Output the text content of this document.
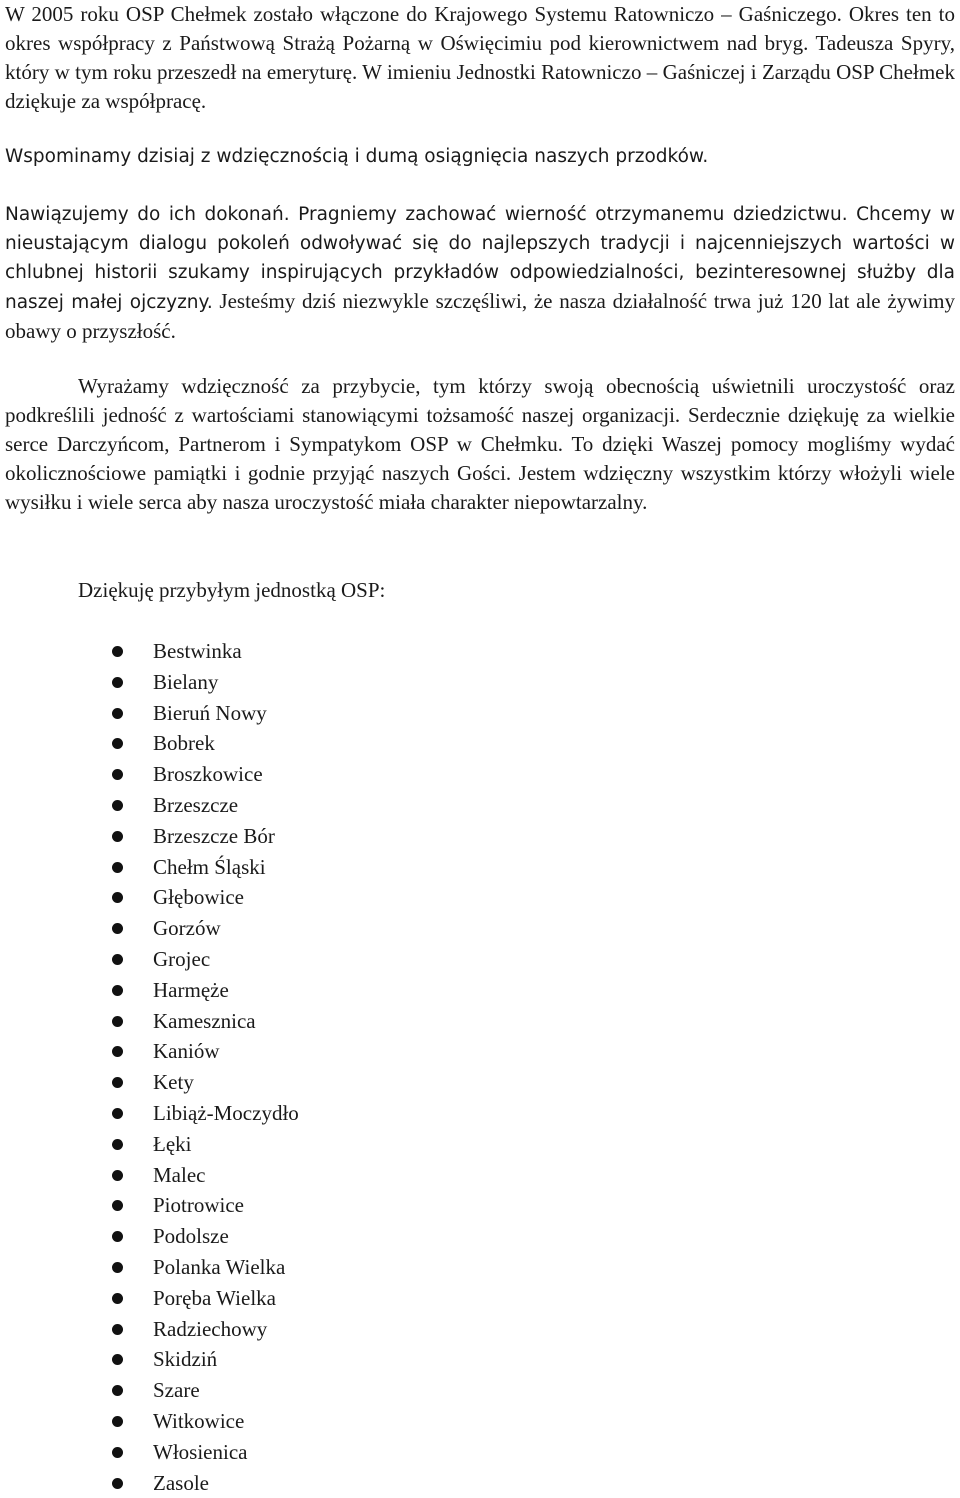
W 2005 roku OSP Chełmek zostało włączone do Krajowego Systemu Ratowniczo – Gaśniczego. Okres ten to okres współpracy z Państwową Strażą Pożarną w Oświęcimiu pod kierownictwem nad bryg. Tadeusza Spyry, który w tym roku przeszedł na emeryturę. W imieniu Jednostki Ratowniczo – Gaśniczej i Zarządu OSP Chełmek dziękuje za współpracę.

Wspominamy dzisiaj z wdzięcznością i dumą osiągnięcia naszych przodków.

Nawiązujemy do ich dokonań. Pragniemy zachować wierność otrzymanemu dziedzictwu. Chcemy w nieustającym dialogu pokoleń odwoływać się do najlepszych tradycji i najcenniejszych wartości w chlubnej historii szukamy inspirujących przykładów odpowiedzialności, bezinteresownej służby dla naszej małej ojczyzny. Jesteśmy dziś niezwykle szczęśliwi, że nasza działalność trwa już 120 lat ale żywimy obawy o przyszłość.

Wyrażamy wdzięczność za przybycie, tym którzy swoją obecnością uświetnili uroczystość oraz podkreślili jedność z wartościami stanowiącymi tożsamość naszej organizacji. Serdecznie dziękuję za wielkie serce Darczyńcom, Partnerom i Sympatykom OSP w Chełmku. To dzięki Waszej pomocy mogliśmy wydać okolicznościowe pamiątki i godnie przyjąć naszych Gości. Jestem wdzięczny wszystkim którzy włożyli wiele wysiłku i wiele serca aby nasza uroczystość miała charakter niepowtarzalny.

Dziękuję przybyłym jednostką OSP:

Bestwinka
Bielany
Bieruń Nowy
Bobrek
Broszkowice
Brzeszcze
Brzeszcze Bór
Chełm Śląski
Głębowice
Gorzów
Grojec
Harmęże
Kamesznica
Kaniów
Kety
Libiąż-Moczydło
Łęki
Malec
Piotrowice
Podolsze
Polanka Wielka
Poręba Wielka
Radziechowy
Skidziń
Szare
Witkowice
Włosienica
Zasole
